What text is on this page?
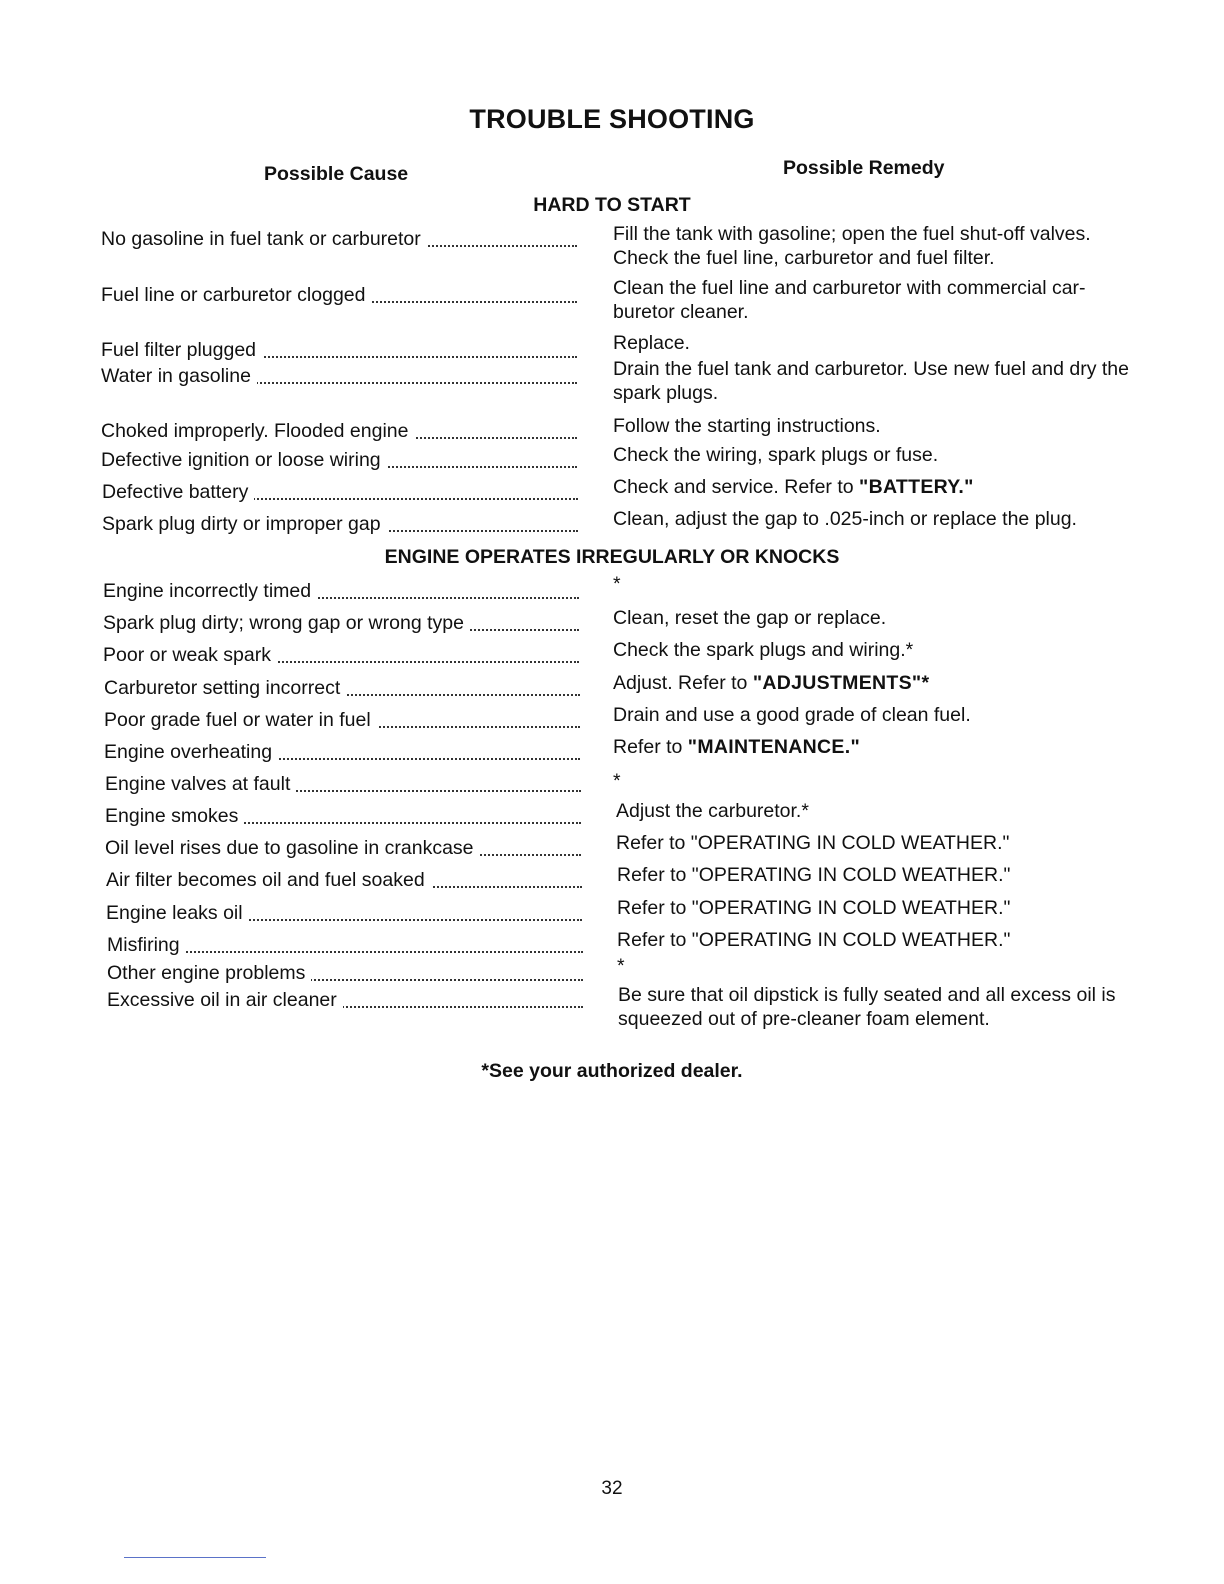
TROUBLE SHOOTING
Possible Cause	Possible Remedy
HARD TO START
No gasoline in fuel tank or carburetor	Fill the tank with gasoline; open the fuel shut-off valves. Check the fuel line, carburetor and fuel filter.
Fuel line or carburetor clogged	Clean the fuel line and carburetor with commercial car-buretor cleaner.
Fuel filter plugged	Replace.
Water in gasoline	Drain the fuel tank and carburetor. Use new fuel and dry the spark plugs.
Choked improperly. Flooded engine	Follow the starting instructions.
Defective ignition or loose wiring	Check the wiring, spark plugs or fuse.
Defective battery	Check and service. Refer to "BATTERY."
Spark plug dirty or improper gap	Clean, adjust the gap to .025-inch or replace the plug.
ENGINE OPERATES IRREGULARLY OR KNOCKS
Engine incorrectly timed	*
Spark plug dirty; wrong gap or wrong type	Clean, reset the gap or replace.
Poor or weak spark	Check the spark plugs and wiring.*
Carburetor setting incorrect	Adjust. Refer to "ADJUSTMENTS"*
Poor grade fuel or water in fuel	Drain and use a good grade of clean fuel.
Engine overheating	Refer to "MAINTENANCE."
Engine valves at fault	*
Engine smokes	Adjust the carburetor.*
Oil level rises due to gasoline in crankcase	Refer to "OPERATING IN COLD WEATHER."
Air filter becomes oil and fuel soaked	Refer to "OPERATING IN COLD WEATHER."
Engine leaks oil	Refer to "OPERATING IN COLD WEATHER."
Misfiring	Refer to "OPERATING IN COLD WEATHER."
Other engine problems	*
Excessive oil in air cleaner	Be sure that oil dipstick is fully seated and all excess oil is squeezed out of pre-cleaner foam element.
*See your authorized dealer.
32
